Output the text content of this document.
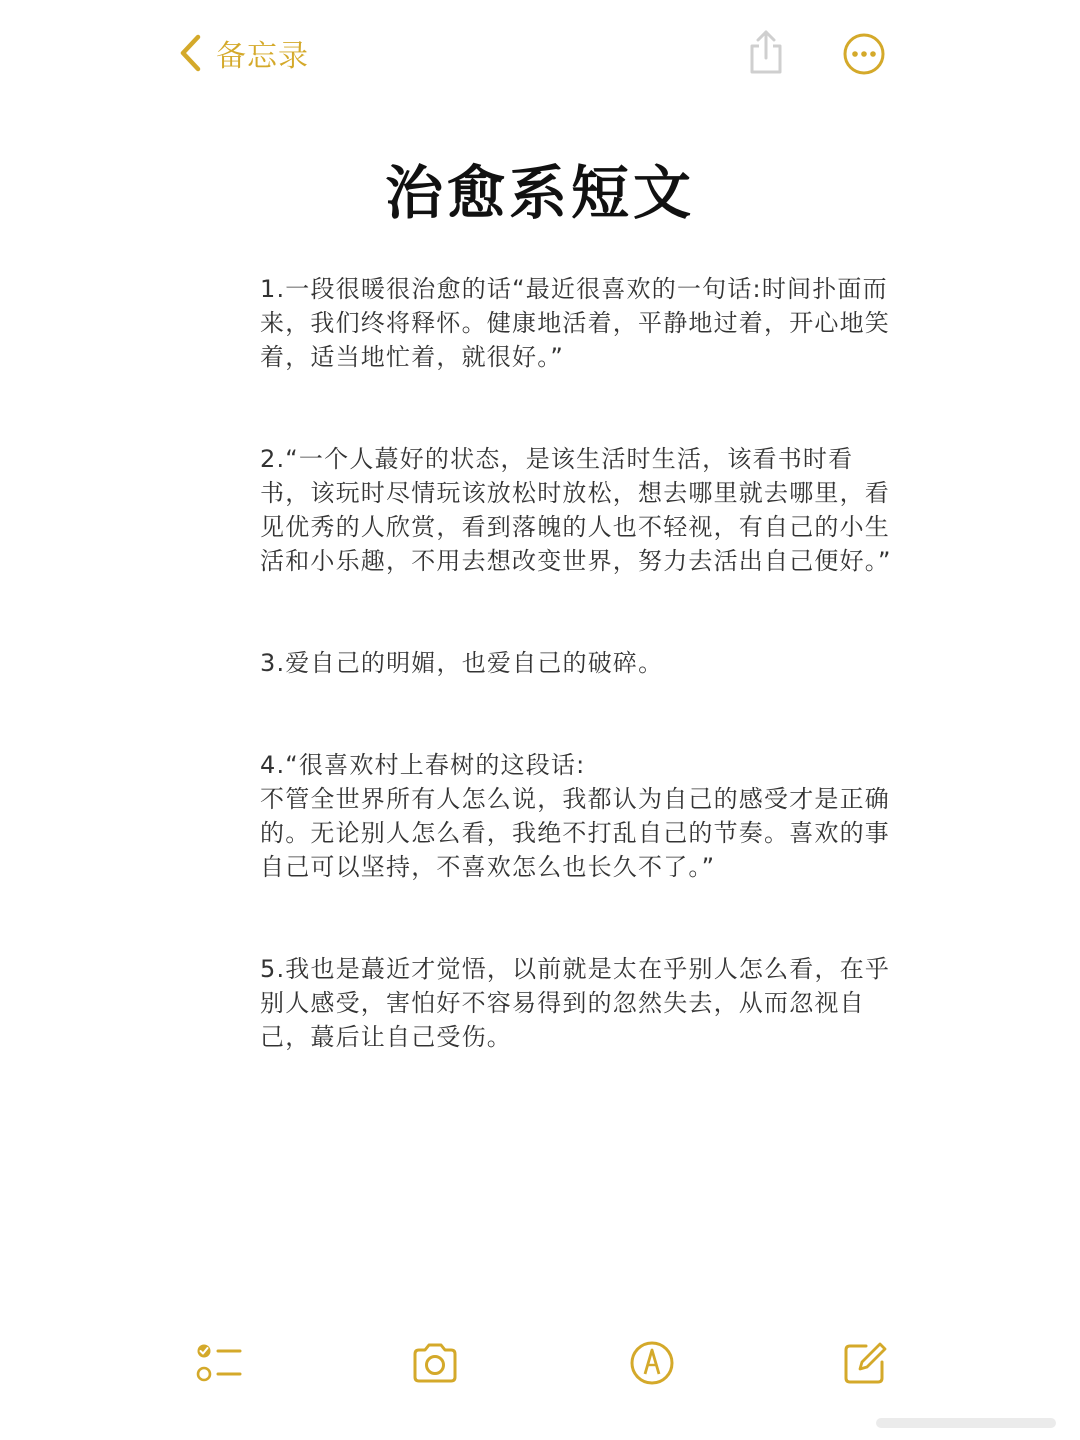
备忘录
治愈系短文

1.一段很暖很治愈的话“最近很喜欢的一句话:时间扑面而来，我们终将释怀。健康地活着，平静地过着，开心地笑着，适当地忙着，就很好。”

2.“一个人蕞好的状态，是该生活时生活，该看书时看书，该玩时尽情玩该放松时放松，想去哪里就去哪里，看见优秀的人欣赏，看到落魄的人也不轻视，有自己的小生活和小乐趣，不用去想改变世界，努力去活出自己便好。”

3.爱自己的明媚，也爱自己的破碎。

4.“很喜欢村上春树的这段话:
不管全世界所有人怎么说，我都认为自己的感受才是正确的。无论别人怎么看，我绝不打乱自己的节奏。喜欢的事自己可以坚持，不喜欢怎么也长久不了。”

5.我也是蕞近才觉悟，以前就是太在乎别人怎么看，在乎别人感受，害怕好不容易得到的忽然失去，从而忽视自己，蕞后让自己受伤。
